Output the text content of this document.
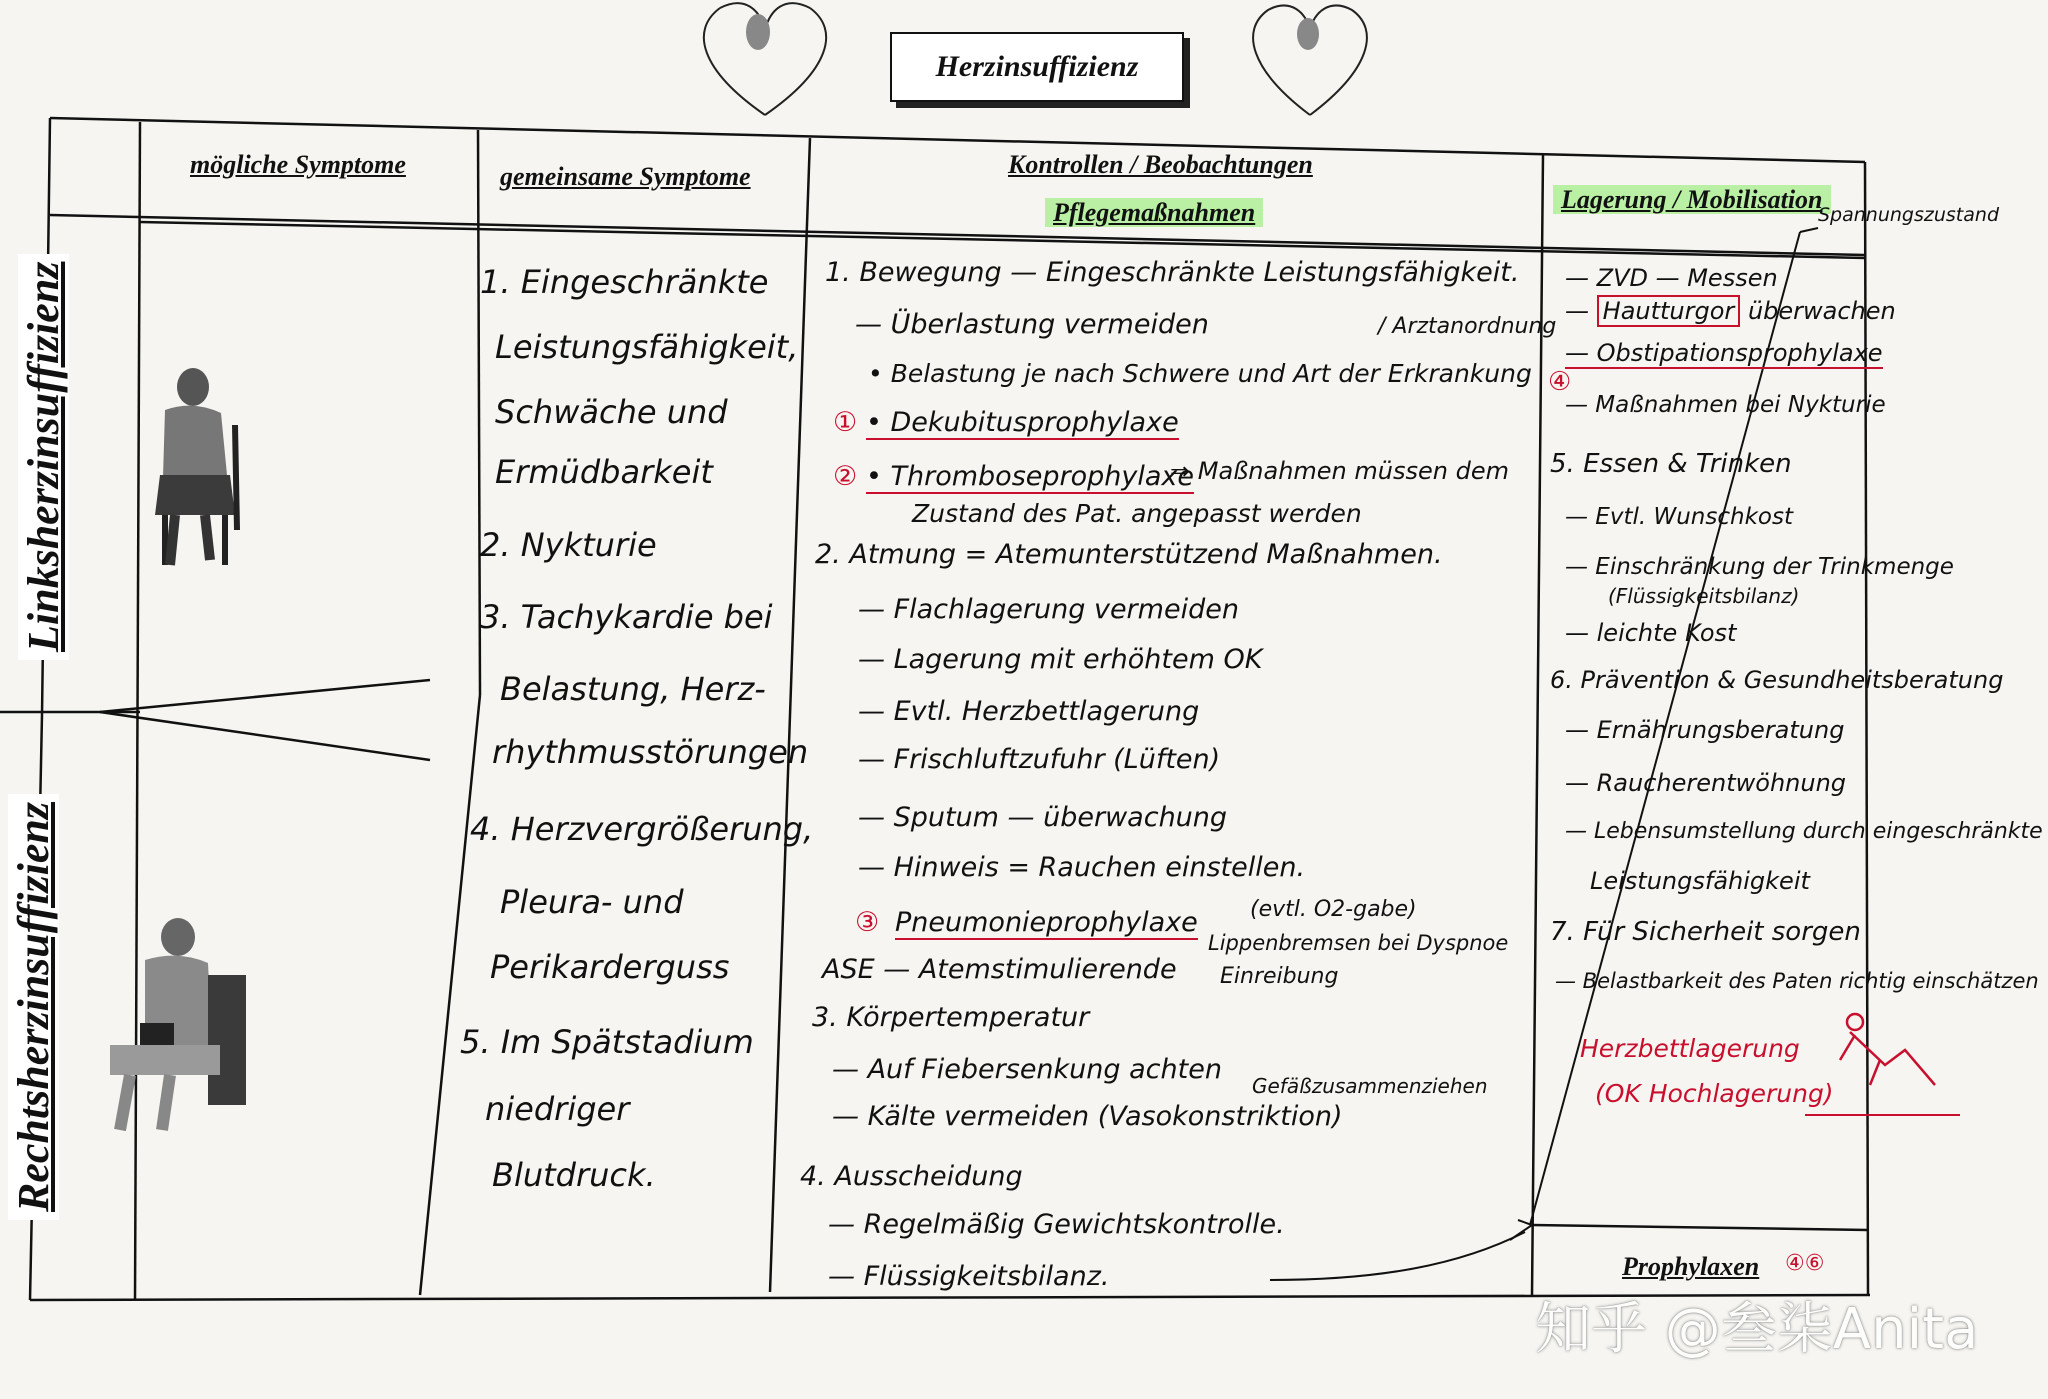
Herzinsuffizienz
mögliche Symptome	gemeinsame Symptome	Kontrollen / Beobachtungen
Pflegemaßnahmen	Lagerung / Mobilisation
Linksherzinsuffizienz
Rechtsherzinsuffizienz
1. Eingeschränkte
Leistungsfähigkeit,
Schwäche und
Ermüdbarkeit
2. Nykturie
3. Tachykardie bei
Belastung, Herz-
rhythmusstörungen
4. Herzvergrößerung,
Pleura- und
Perikarderguss
5. Im Spätstadium
niedriger
Blutdruck.
1. Bewegung — Eingeschränkte Leistungsfähigkeit.
— Überlastung vermeiden	/ Arztanordnung
• Belastung je nach Schwere und Art der Erkrankung
① • Dekubitusprophylaxe
② • Thromboseprophylaxe
⇒ Maßnahmen müssen dem
Zustand des Pat. angepasst werden
2. Atmung = Atemunterstützend Maßnahmen.
— Flachlagerung vermeiden
— Lagerung mit erhöhtem OK
— Evtl. Herzbettlagerung
— Frischluftzufuhr (Lüften)
— Sputum — überwachung
— Hinweis = Rauchen einstellen.
③ Pneumonieprophylaxe (evtl. O2-gabe)
Lippenbremsen bei Dyspnoe
ASE — Atemstimulierende Einreibung
3. Körpertemperatur
— Auf Fiebersenkung achten
Gefäßzusammenziehen
— Kälte vermeiden (Vasokonstriktion)
4. Ausscheidung
— Regelmäßig Gewichtskontrolle.
— Flüssigkeitsbilanz.
Spannungszustand
— ZVD — Messen
— Hautturgor überwachen
④
— Obstipationsprophylaxe
— Maßnahmen bei Nykturie
5. Essen & Trinken
— Evtl. Wunschkost
— Einschränkung der Trinkmenge
(Flüssigkeitsbilanz)
— leichte Kost
6. Prävention & Gesundheitsberatung
— Ernährungsberatung
— Raucherentwöhnung
— Lebensumstellung durch eingeschränkte
Leistungsfähigkeit
7. Für Sicherheit sorgen
— Belastbarkeit des Paten richtig einschätzen
Herzbettlagerung
(OK Hochlagerung)
Prophylaxen ④⑥
知乎 @叁柒Anita
